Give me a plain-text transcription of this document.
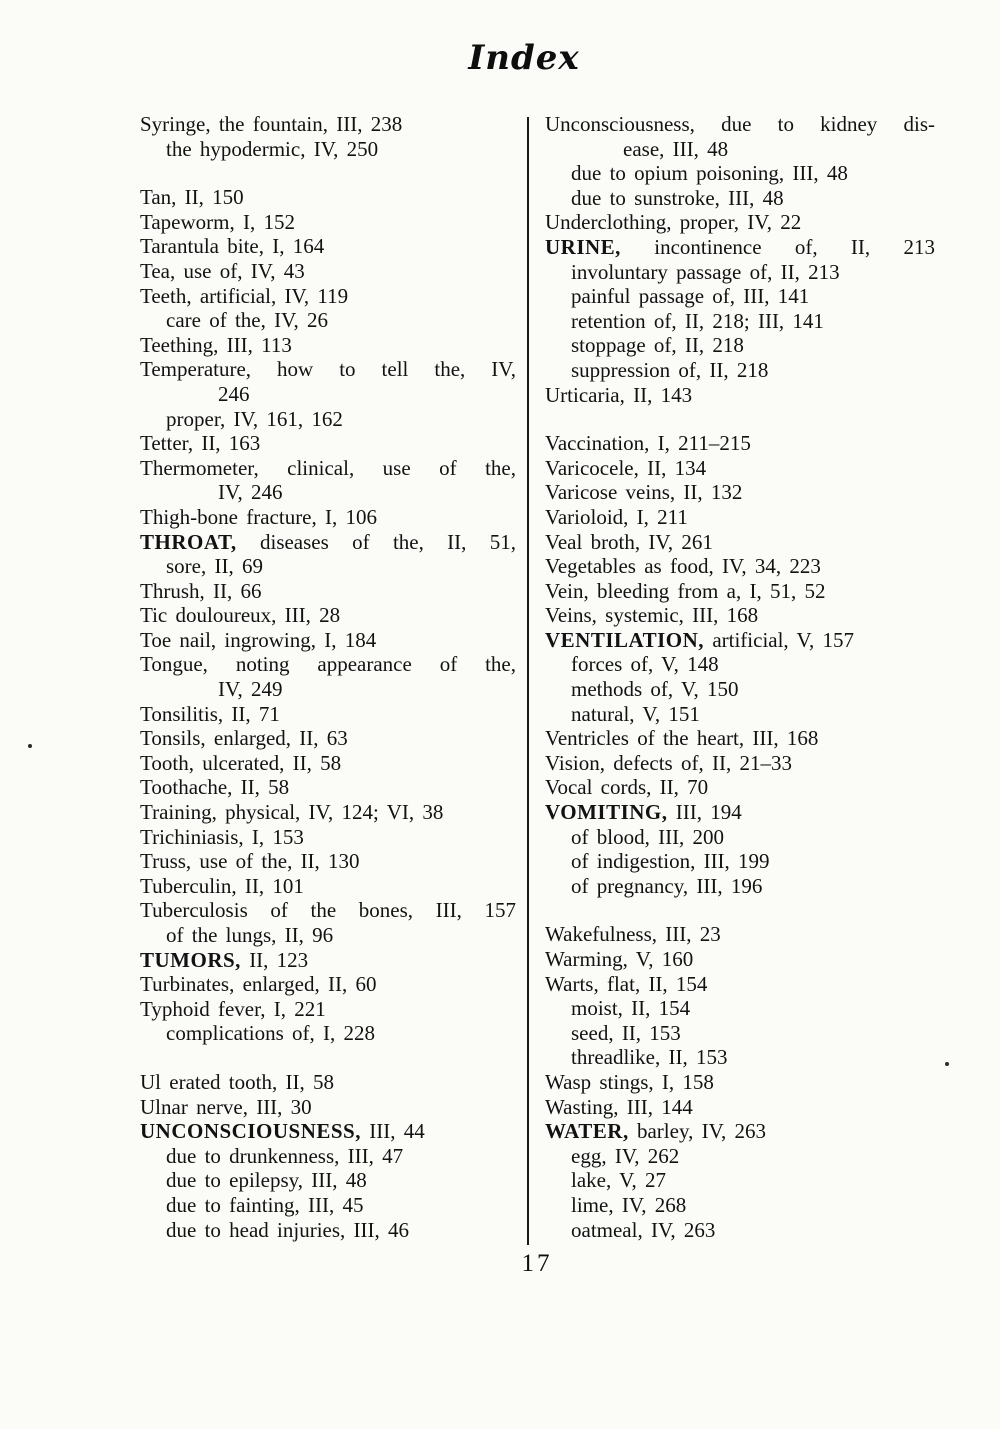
Index
Syringe, the fountain, III, 238
the hypodermic, IV, 250
Tan, II, 150
Tapeworm, I, 152
Tarantula bite, I, 164
Tea, use of, IV, 43
Teeth, artificial, IV, 119
care of the, IV, 26
Teething, III, 113
Temperature, how to tell the, IV,
246
proper, IV, 161, 162
Tetter, II, 163
Thermometer, clinical, use of the,
IV, 246
Thigh-bone fracture, I, 106
THROAT, diseases of the, II, 51,
sore, II, 69
Thrush, II, 66
Tic douloureux, III, 28
Toe nail, ingrowing, I, 184
Tongue, noting appearance of the,
IV, 249
Tonsilitis, II, 71
Tonsils, enlarged, II, 63
Tooth, ulcerated, II, 58
Toothache, II, 58
Training, physical, IV, 124; VI, 38
Trichiniasis, I, 153
Truss, use of the, II, 130
Tuberculin, II, 101
Tuberculosis of the bones, III, 157
of the lungs, II, 96
TUMORS, II, 123
Turbinates, enlarged, II, 60
Typhoid fever, I, 221
complications of, I, 228
Ul erated tooth, II, 58
Ulnar nerve, III, 30
UNCONSCIOUSNESS, III, 44
due to drunkenness, III, 47
due to epilepsy, III, 48
due to fainting, III, 45
due to head injuries, III, 46
Unconsciousness, due to kidney dis-
ease, III, 48
due to opium poisoning, III, 48
due to sunstroke, III, 48
Underclothing, proper, IV, 22
URINE, incontinence of, II, 213
involuntary passage of, II, 213
painful passage of, III, 141
retention of, II, 218; III, 141
stoppage of, II, 218
suppression of, II, 218
Urticaria, II, 143
Vaccination, I, 211–215
Varicocele, II, 134
Varicose veins, II, 132
Varioloid, I, 211
Veal broth, IV, 261
Vegetables as food, IV, 34, 223
Vein, bleeding from a, I, 51, 52
Veins, systemic, III, 168
VENTILATION, artificial, V, 157
forces of, V, 148
methods of, V, 150
natural, V, 151
Ventricles of the heart, III, 168
Vision, defects of, II, 21–33
Vocal cords, II, 70
VOMITING, III, 194
of blood, III, 200
of indigestion, III, 199
of pregnancy, III, 196
Wakefulness, III, 23
Warming, V, 160
Warts, flat, II, 154
moist, II, 154
seed, II, 153
threadlike, II, 153
Wasp stings, I, 158
Wasting, III, 144
WATER, barley, IV, 263
egg, IV, 262
lake, V, 27
lime, IV, 268
oatmeal, IV, 263
17
